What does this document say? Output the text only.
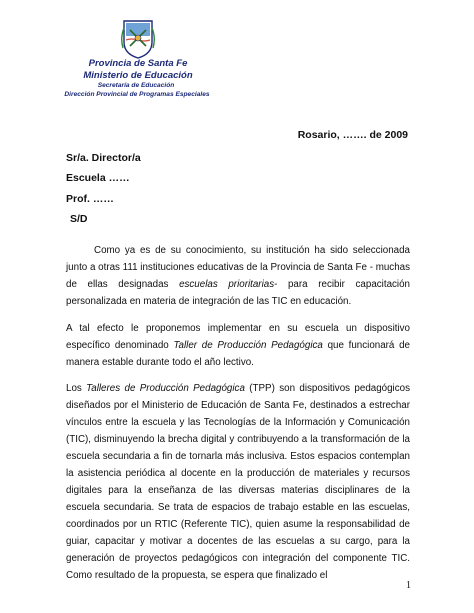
Provincia de Santa Fe
Ministerio de Educación
Secretaría de Educación
Dirección Provincial de Programas Especiales
Rosario, ……. de 2009
Sr/a. Director/a
Escuela ……
Prof. ……
S/D
Como ya es de su conocimiento, su institución ha sido seleccionada junto a otras 111 instituciones educativas de la Provincia de Santa Fe - muchas de ellas designadas escuelas prioritarias- para recibir capacitación personalizada en materia de integración de las TIC en educación.
A tal efecto le proponemos implementar en su escuela un dispositivo específico denominado Taller de Producción Pedagógica que funcionará de manera estable durante todo el año lectivo.
Los Talleres de Producción Pedagógica (TPP) son dispositivos pedagógicos diseñados por el Ministerio de Educación de Santa Fe, destinados a estrechar vínculos entre la escuela y las Tecnologías de la Información y Comunicación (TIC), disminuyendo la brecha digital y contribuyendo a la transformación de la escuela secundaria a fin de tornarla más inclusiva. Estos espacios contemplan la asistencia periódica al docente en la producción de materiales y recursos digitales para la enseñanza de las diversas materias disciplinares de la escuela secundaria. Se trata de espacios de trabajo estable en las escuelas, coordinados por un RTIC (Referente TIC), quien asume la responsabilidad de guiar, capacitar y motivar a docentes de las escuelas a su cargo, para la generación de proyectos pedagógicos con integración del componente TIC. Como resultado de la propuesta, se espera que finalizado el
1
